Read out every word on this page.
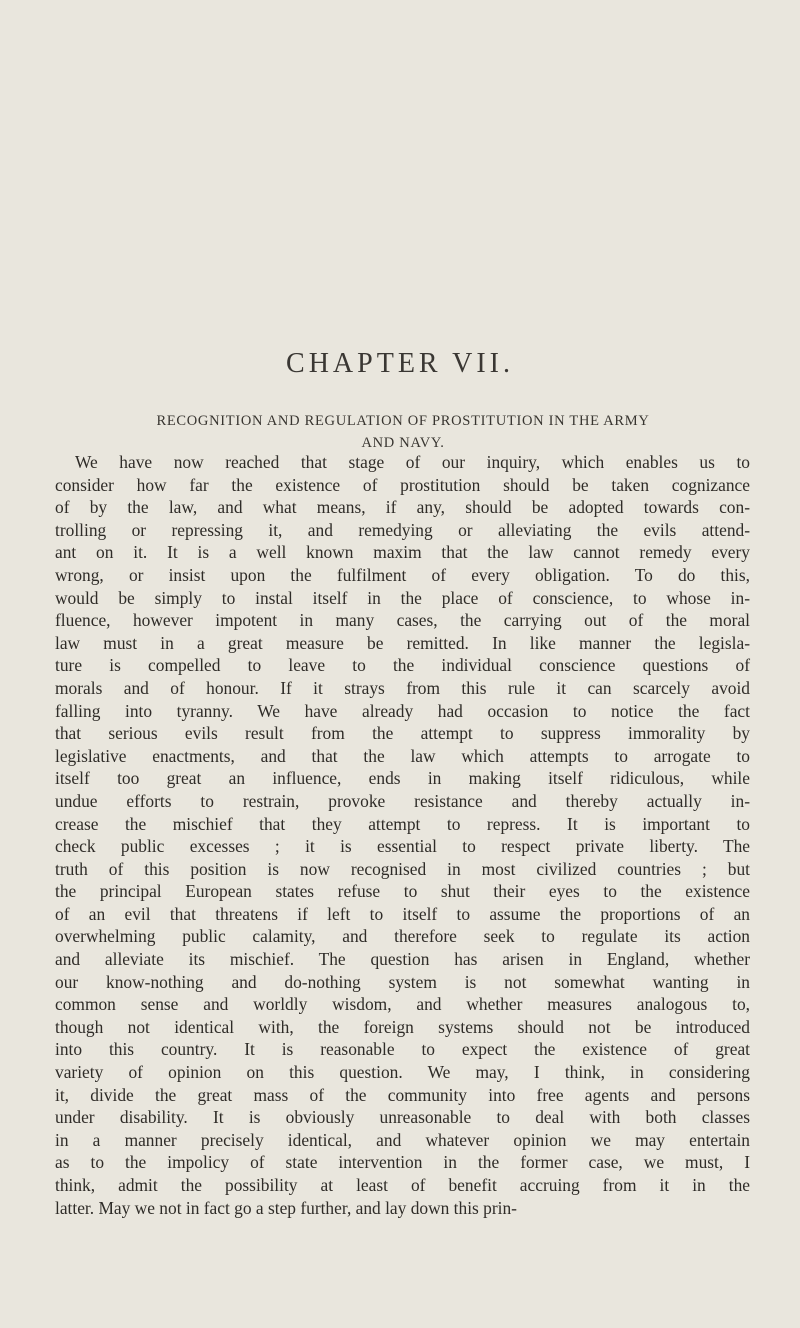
CHAPTER VII.
RECOGNITION AND REGULATION OF PROSTITUTION IN THE ARMY
AND NAVY.
We have now reached that stage of our inquiry, which enables us to
consider how far the existence of prostitution should be taken cognizance
of by the law, and what means, if any, should be adopted towards con-
trolling or repressing it, and remedying or alleviating the evils attend-
ant on it. It is a well known maxim that the law cannot remedy every
wrong, or insist upon the fulfilment of every obligation. To do this,
would be simply to instal itself in the place of conscience, to whose in-
fluence, however impotent in many cases, the carrying out of the moral
law must in a great measure be remitted. In like manner the legisla-
ture is compelled to leave to the individual conscience questions of
morals and of honour. If it strays from this rule it can scarcely avoid
falling into tyranny. We have already had occasion to notice the fact
that serious evils result from the attempt to suppress immorality by
legislative enactments, and that the law which attempts to arrogate to
itself too great an influence, ends in making itself ridiculous, while
undue efforts to restrain, provoke resistance and thereby actually in-
crease the mischief that they attempt to repress. It is important to
check public excesses ; it is essential to respect private liberty. The
truth of this position is now recognised in most civilized countries ; but
the principal European states refuse to shut their eyes to the existence
of an evil that threatens if left to itself to assume the proportions of an
overwhelming public calamity, and therefore seek to regulate its action
and alleviate its mischief. The question has arisen in England, whether
our know-nothing and do-nothing system is not somewhat wanting in
common sense and worldly wisdom, and whether measures analogous to,
though not identical with, the foreign systems should not be introduced
into this country. It is reasonable to expect the existence of great
variety of opinion on this question. We may, I think, in considering
it, divide the great mass of the community into free agents and persons
under disability. It is obviously unreasonable to deal with both classes
in a manner precisely identical, and whatever opinion we may entertain
as to the impolicy of state intervention in the former case, we must, I
think, admit the possibility at least of benefit accruing from it in the
latter. May we not in fact go a step further, and lay down this prin-
